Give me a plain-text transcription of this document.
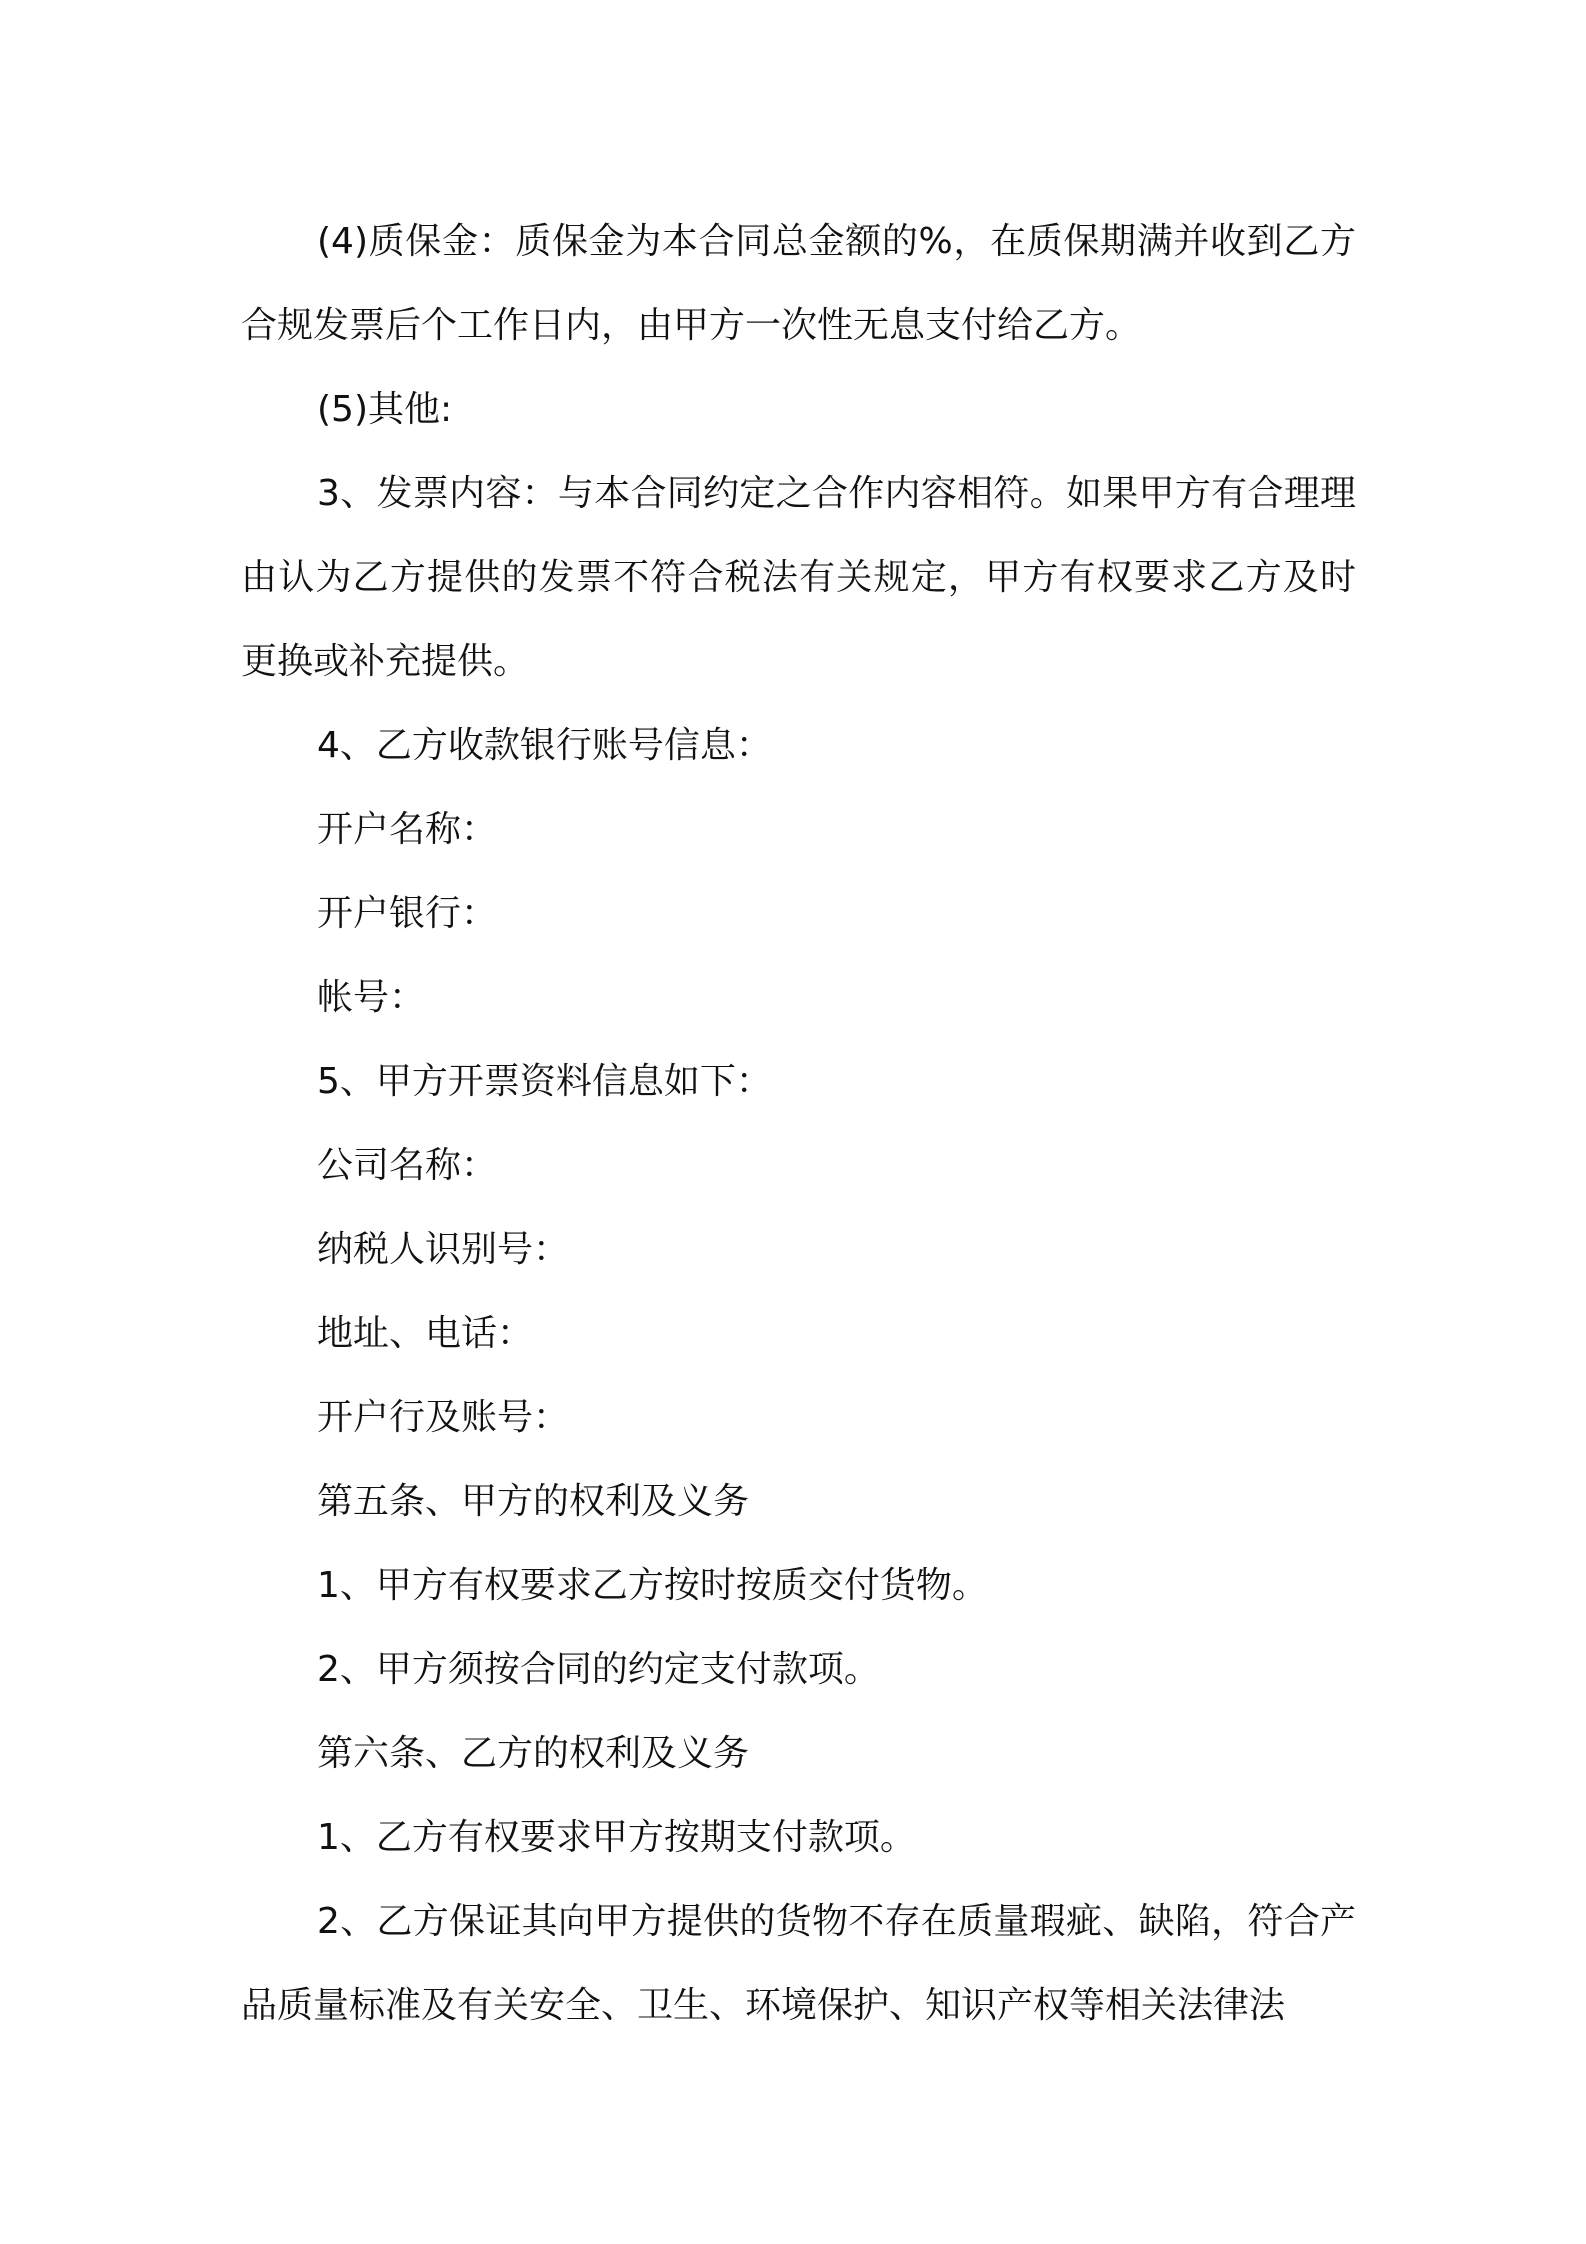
(4)质保金：质保金为本合同总金额的%，在质保期满并收到乙方合规发票后个工作日内，由甲方一次性无息支付给乙方。

(5)其他:

3、发票内容：与本合同约定之合作内容相符。如果甲方有合理理由认为乙方提供的发票不符合税法有关规定，甲方有权要求乙方及时更换或补充提供。

4、乙方收款银行账号信息：

开户名称：

开户银行：

帐号：

5、甲方开票资料信息如下：

公司名称：

纳税人识别号：

地址、电话：

开户行及账号：

第五条、甲方的权利及义务

1、甲方有权要求乙方按时按质交付货物。

2、甲方须按合同的约定支付款项。

第六条、乙方的权利及义务

1、乙方有权要求甲方按期支付款项。

2、乙方保证其向甲方提供的货物不存在质量瑕疵、缺陷，符合产品质量标准及有关安全、卫生、环境保护、知识产权等相关法律法
